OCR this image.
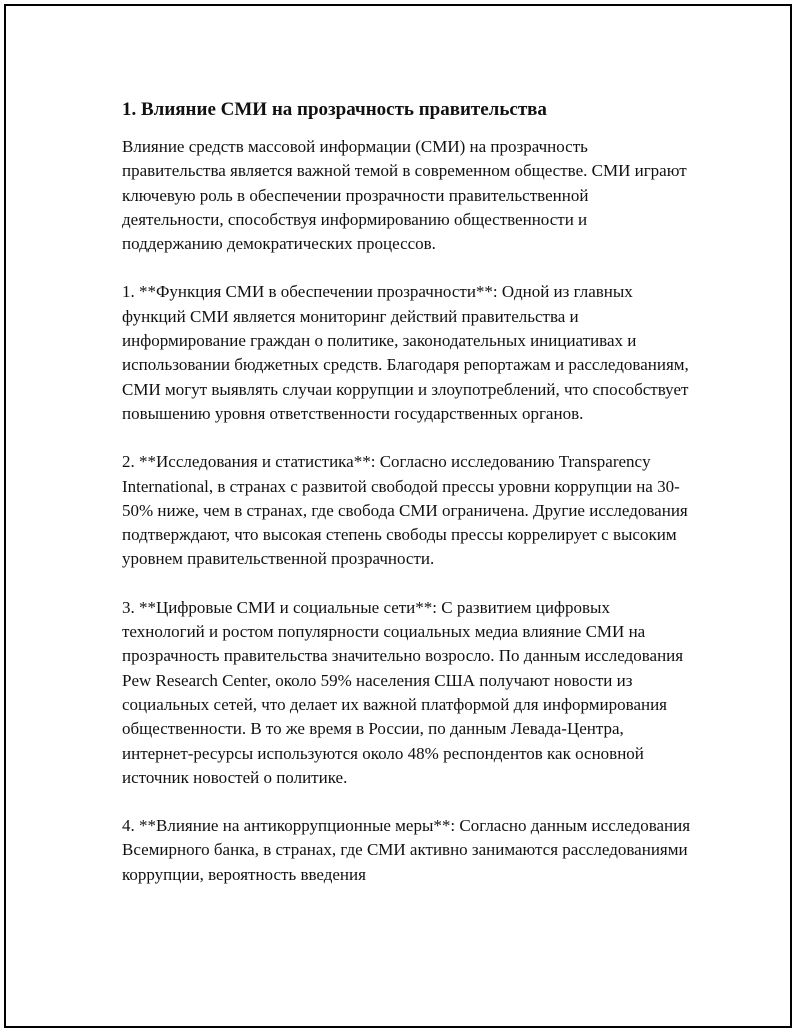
1. Влияние СМИ на прозрачность правительства

Влияние средств массовой информации (СМИ) на прозрачность правительства является важной темой в современном обществе. СМИ играют ключевую роль в обеспечении прозрачности правительственной деятельности, способствуя информированию общественности и поддержанию демократических процессов.

1. **Функция СМИ в обеспечении прозрачности**: Одной из главных функций СМИ является мониторинг действий правительства и информирование граждан о политике, законодательных инициативах и использовании бюджетных средств. Благодаря репортажам и расследованиям, СМИ могут выявлять случаи коррупции и злоупотреблений, что способствует повышению уровня ответственности государственных органов.

2. **Исследования и статистика**: Согласно исследованию Transparency International, в странах с развитой свободой прессы уровни коррупции на 30-50% ниже, чем в странах, где свобода СМИ ограничена. Другие исследования подтверждают, что высокая степень свободы прессы коррелирует с высоким уровнем правительственной прозрачности.

3. **Цифровые СМИ и социальные сети**: С развитием цифровых технологий и ростом популярности социальных медиа влияние СМИ на прозрачность правительства значительно возросло. По данным исследования Pew Research Center, около 59% населения США получают новости из социальных сетей, что делает их важной платформой для информирования общественности. В то же время в России, по данным Левада-Центра, интернет-ресурсы используются около 48% респондентов как основной источник новостей о политике.

4. **Влияние на антикоррупционные меры**: Согласно данным исследования Всемирного банка, в странах, где СМИ активно занимаются расследованиями коррупции, вероятность введения
